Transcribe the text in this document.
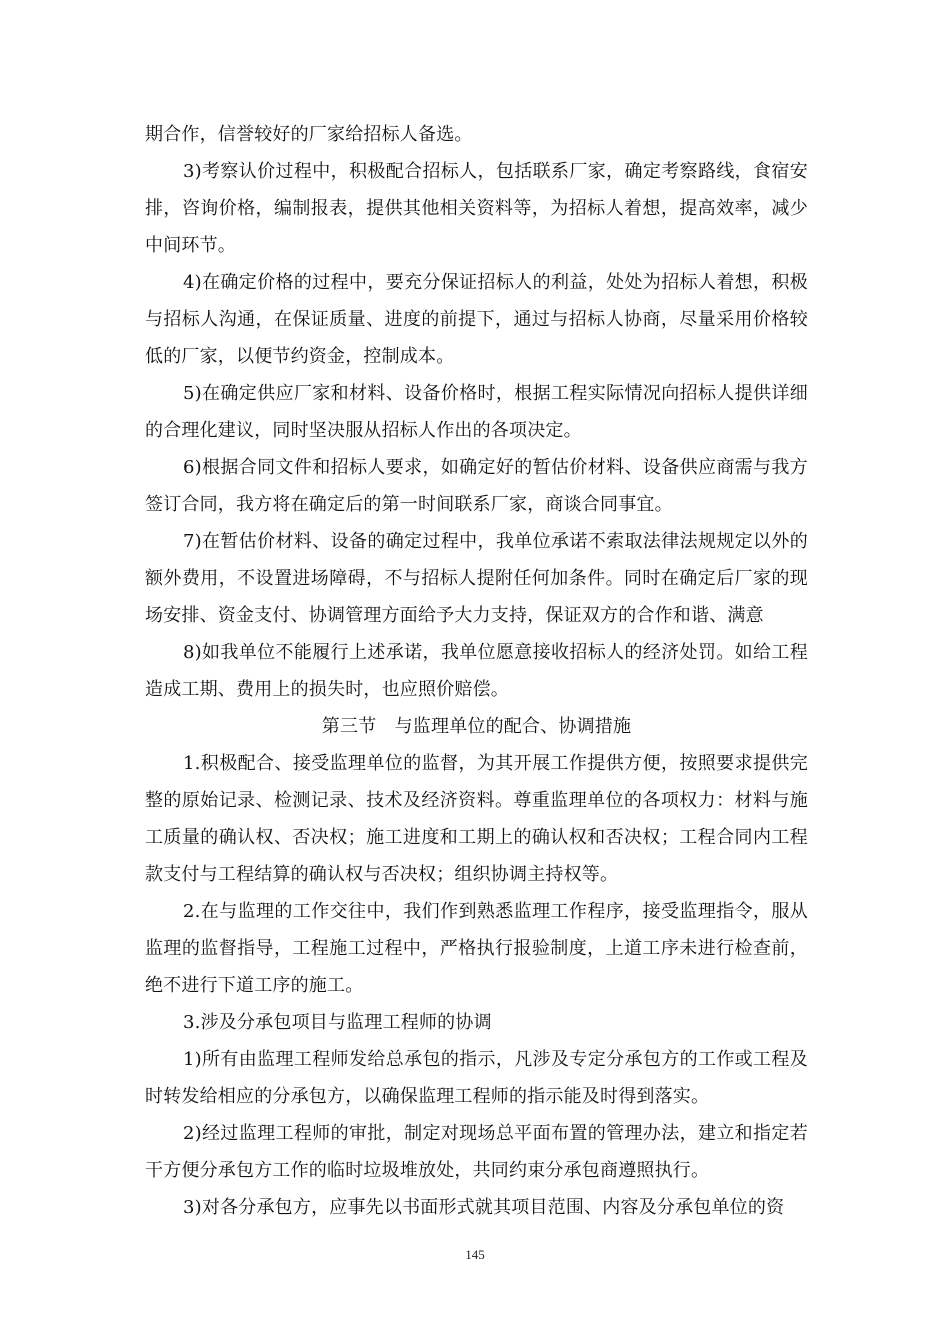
期合作，信誉较好的厂家给招标人备选。

3)考察认价过程中，积极配合招标人，包括联系厂家，确定考察路线，食宿安排，咨询价格，编制报表，提供其他相关资料等，为招标人着想，提高效率，减少中间环节。

4)在确定价格的过程中，要充分保证招标人的利益，处处为招标人着想，积极与招标人沟通，在保证质量、进度的前提下，通过与招标人协商，尽量采用价格较低的厂家，以便节约资金，控制成本。

5)在确定供应厂家和材料、设备价格时，根据工程实际情况向招标人提供详细的合理化建议，同时坚决服从招标人作出的各项决定。

6)根据合同文件和招标人要求，如确定好的暂估价材料、设备供应商需与我方签订合同，我方将在确定后的第一时间联系厂家，商谈合同事宜。

7)在暂估价材料、设备的确定过程中，我单位承诺不索取法律法规规定以外的额外费用，不设置进场障碍，不与招标人提附任何加条件。同时在确定后厂家的现场安排、资金支付、协调管理方面给予大力支持，保证双方的合作和谐、满意

8)如我单位不能履行上述承诺，我单位愿意接收招标人的经济处罚。如给工程造成工期、费用上的损失时，也应照价赔偿。

第三节　与监理单位的配合、协调措施

1.积极配合、接受监理单位的监督，为其开展工作提供方便，按照要求提供完整的原始记录、检测记录、技术及经济资料。尊重监理单位的各项权力：材料与施工质量的确认权、否决权；施工进度和工期上的确认权和否决权；工程合同内工程款支付与工程结算的确认权与否决权；组织协调主持权等。

2.在与监理的工作交往中，我们作到熟悉监理工作程序，接受监理指令，服从监理的监督指导，工程施工过程中，严格执行报验制度，上道工序未进行检查前，绝不进行下道工序的施工。

3.涉及分承包项目与监理工程师的协调

1)所有由监理工程师发给总承包的指示，凡涉及专定分承包方的工作或工程及时转发给相应的分承包方，以确保监理工程师的指示能及时得到落实。

2)经过监理工程师的审批，制定对现场总平面布置的管理办法，建立和指定若干方便分承包方工作的临时垃圾堆放处，共同约束分承包商遵照执行。

3)对各分承包方，应事先以书面形式就其项目范围、内容及分承包单位的资

145
